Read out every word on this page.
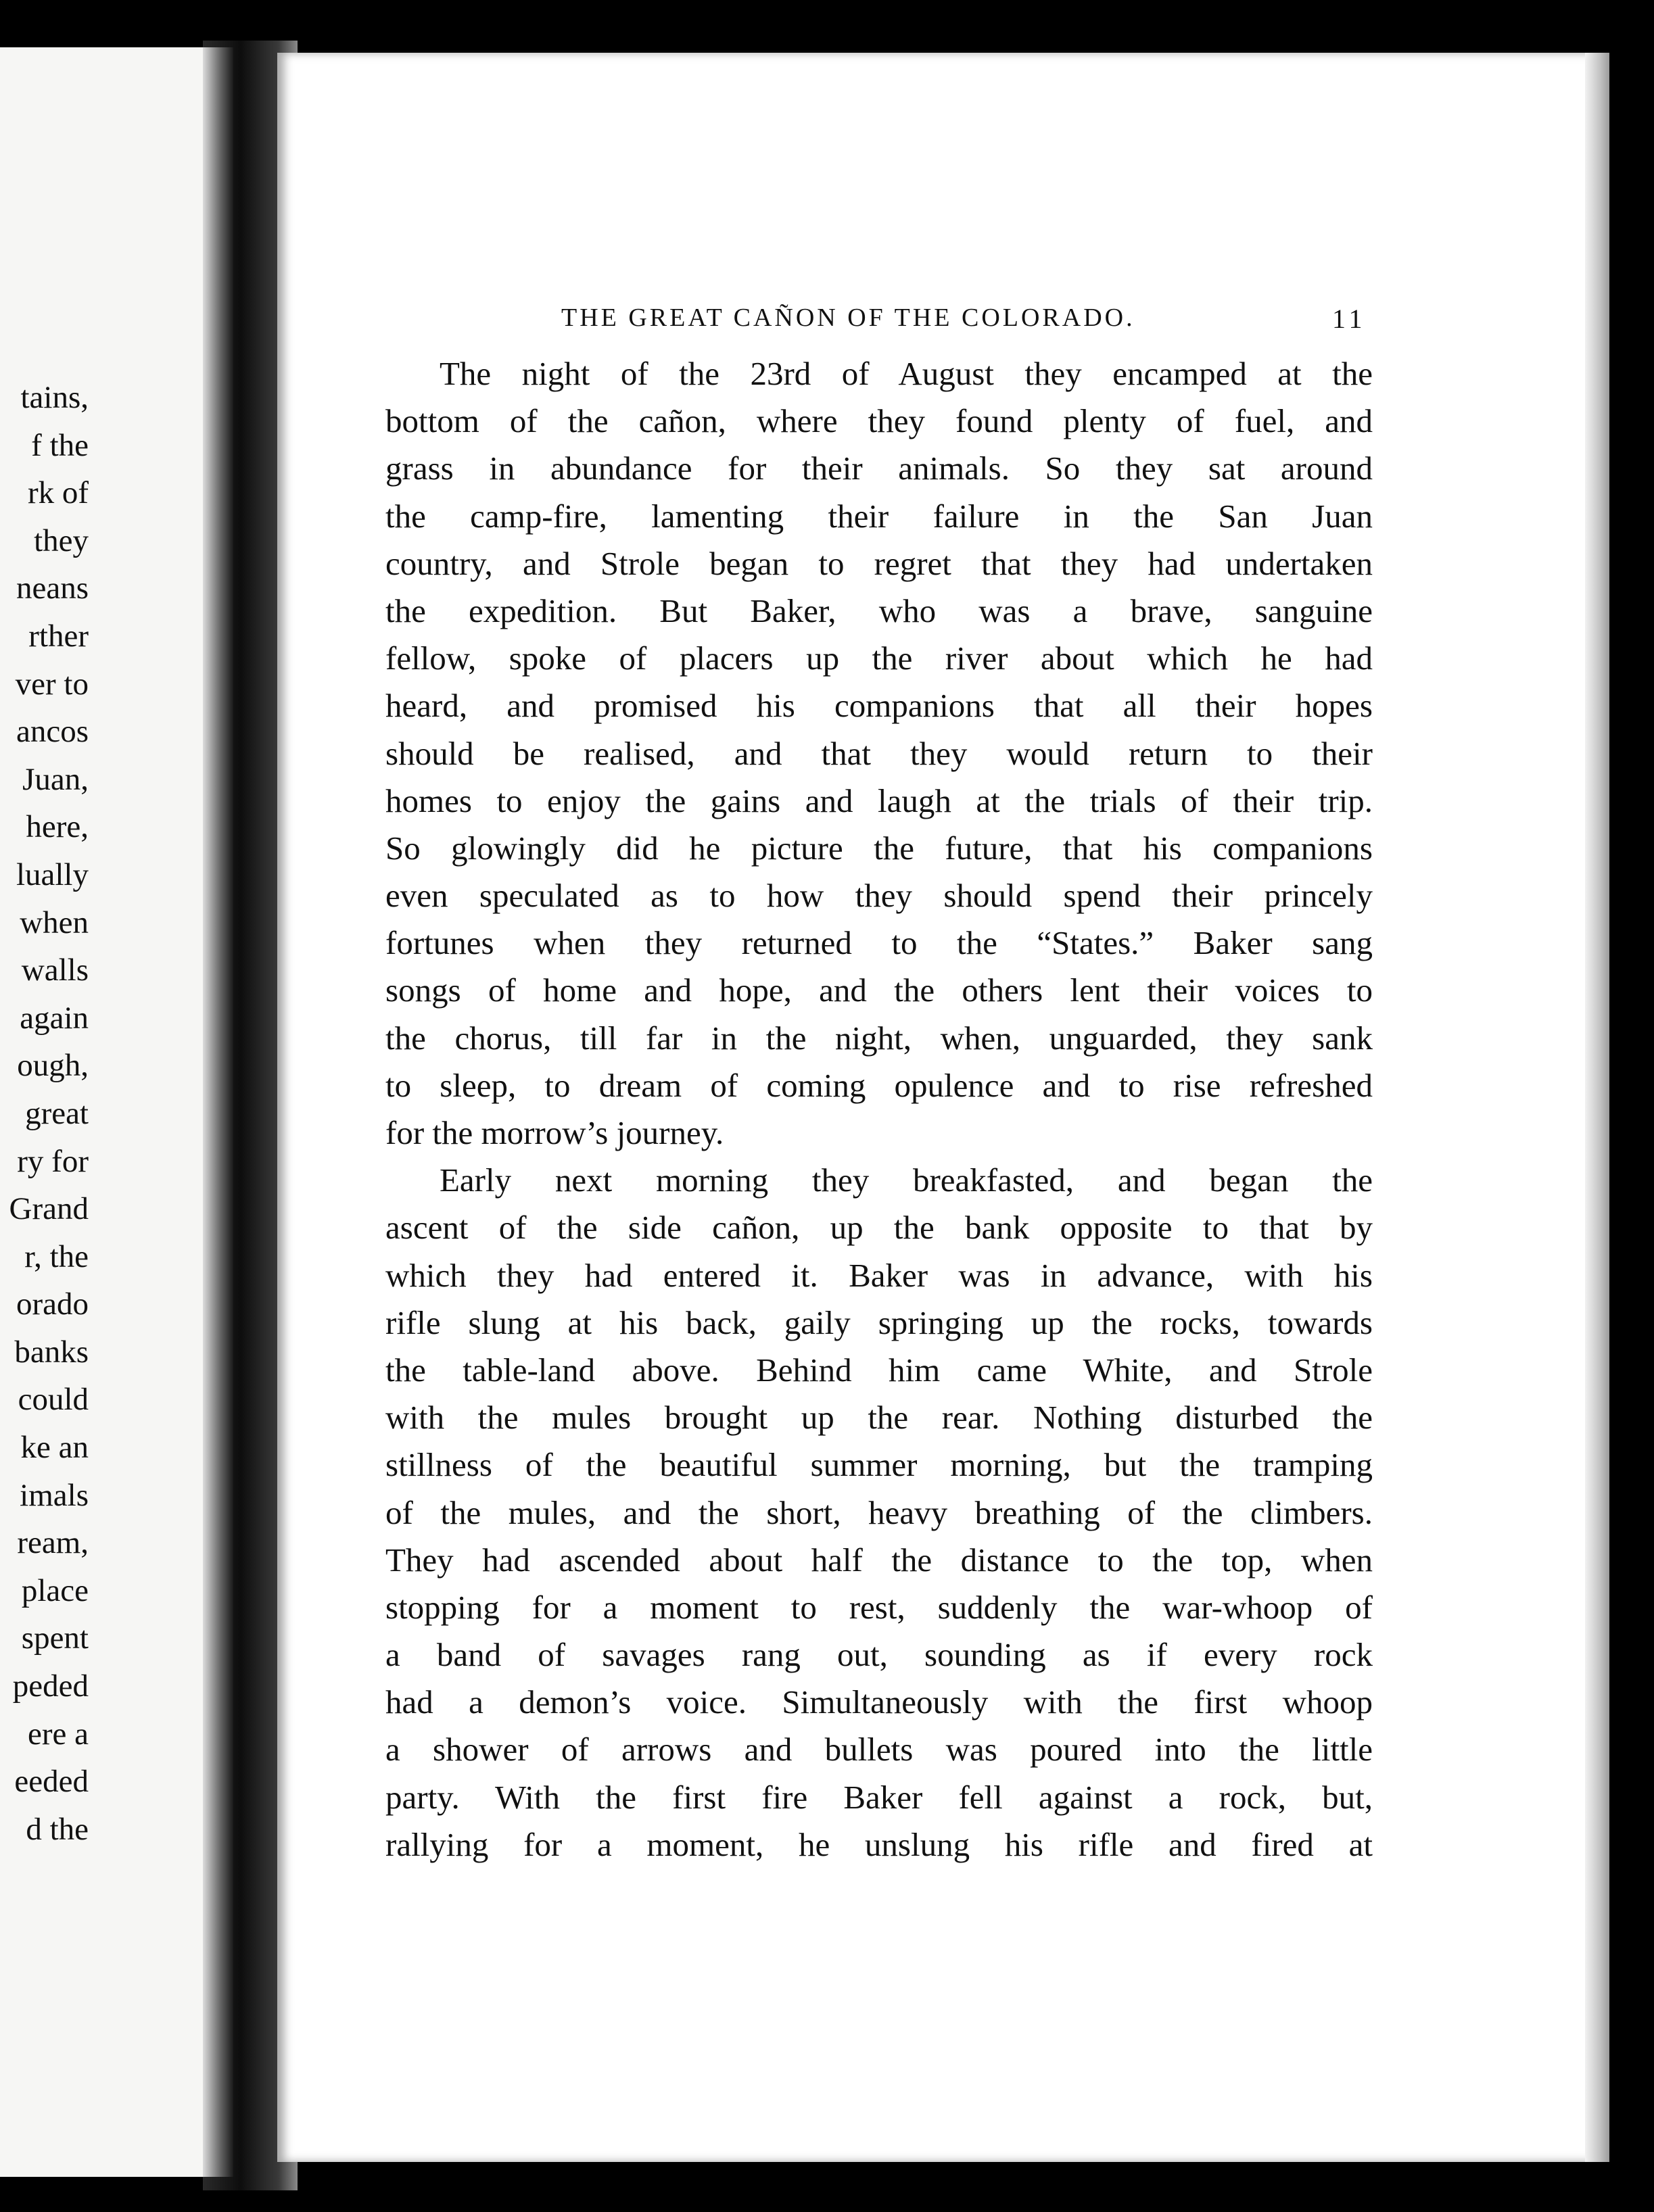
tains,
f the
rk of
they
neans
rther
ver to
ancos
Juan,
here,
lually
when
walls
again
ough,
great
ry for
Grand
r, the
orado
banks
could
ke an
imals
ream,
place
spent
peded
ere a
eeded
d the
THE GREAT CAÑON OF THE COLORADO.	11
The night of the 23rd of August they encamped at the
bottom of the cañon, where they found plenty of fuel, and
grass in abundance for their animals. So they sat around
the camp-fire, lamenting their failure in the San Juan
country, and Strole began to regret that they had undertaken
the expedition. But Baker, who was a brave, sanguine
fellow, spoke of placers up the river about which he had
heard, and promised his companions that all their hopes
should be realised, and that they would return to their
homes to enjoy the gains and laugh at the trials of their trip.
So glowingly did he picture the future, that his companions
even speculated as to how they should spend their princely
fortunes when they returned to the “States.” Baker sang
songs of home and hope, and the others lent their voices to
the chorus, till far in the night, when, unguarded, they sank
to sleep, to dream of coming opulence and to rise refreshed
for the morrow’s journey.
Early next morning they breakfasted, and began the
ascent of the side cañon, up the bank opposite to that by
which they had entered it. Baker was in advance, with his
rifle slung at his back, gaily springing up the rocks, towards
the table-land above. Behind him came White, and Strole
with the mules brought up the rear. Nothing disturbed the
stillness of the beautiful summer morning, but the tramping
of the mules, and the short, heavy breathing of the climbers.
They had ascended about half the distance to the top, when
stopping for a moment to rest, suddenly the war-whoop of
a band of savages rang out, sounding as if every rock
had a demon’s voice. Simultaneously with the first whoop
a shower of arrows and bullets was poured into the little
party. With the first fire Baker fell against a rock, but,
rallying for a moment, he unslung his rifle and fired at
